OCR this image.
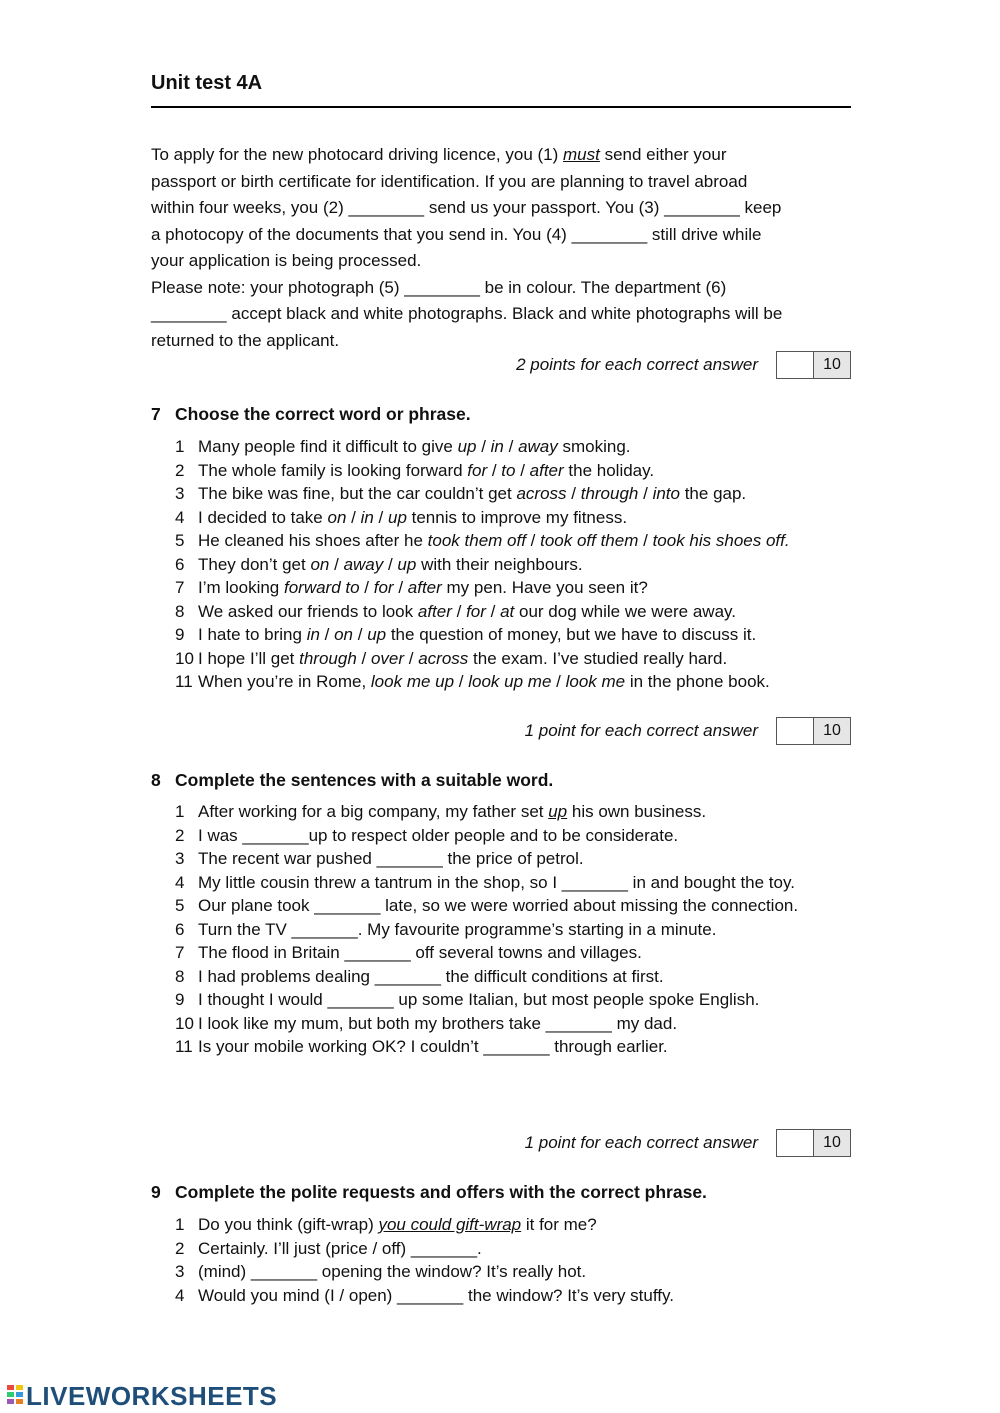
Unit test 4A

To apply for the new photocard driving licence, you (1) must send either your

passport or birth certificate for identification. If you are planning to travel abroad

within four weeks, you (2) ________ send us your passport. You (3) ________ keep

a photocopy of the documents that you send in. You (4) ________ still drive while

your application is being processed.

Please note: your photograph (5) ________ be in colour. The department (6)

________ accept black and white photographs. Black and white photographs will be

returned to the applicant.

2 points for each correct answer	10
7 Choose the correct word or phrase.
1 Many people find it difficult to give up / in / away smoking.
2 The whole family is looking forward for / to / after the holiday.
3 The bike was fine, but the car couldn’t get across / through / into the gap.
4 I decided to take on / in / up tennis to improve my fitness.
5 He cleaned his shoes after he took them off / took off them / took his shoes off.
6 They don’t get on / away / up with their neighbours.
7 I’m looking forward to / for / after my pen. Have you seen it?
8 We asked our friends to look after / for / at our dog while we were away.
9 I hate to bring in / on / up the question of money, but we have to discuss it.
10 I hope I’ll get through / over / across the exam. I’ve studied really hard.
11 When you’re in Rome, look me up / look up me / look me in the phone book.
1 point for each correct answer	10
8 Complete the sentences with a suitable word.
1 After working for a big company, my father set up his own business.
2 I was _______up to respect older people and to be considerate.
3 The recent war pushed _______ the price of petrol.
4 My little cousin threw a tantrum in the shop, so I _______ in and bought the toy.
5 Our plane took _______ late, so we were worried about missing the connection.
6 Turn the TV _______. My favourite programme’s starting in a minute.
7 The flood in Britain _______ off several towns and villages.
8 I had problems dealing _______ the difficult conditions at first.
9 I thought I would _______ up some Italian, but most people spoke English.
10 I look like my mum, but both my brothers take _______ my dad.
11 Is your mobile working OK? I couldn’t _______ through earlier.
1 point for each correct answer	10
9 Complete the polite requests and offers with the correct phrase.
1 Do you think (gift-wrap) you could gift-wrap it for me?
2 Certainly. I’ll just (price / off) _______.
3 (mind) _______ opening the window? It’s really hot.
4 Would you mind (I / open) _______ the window? It’s very stuffy.
LIVEWORKSHEETS
